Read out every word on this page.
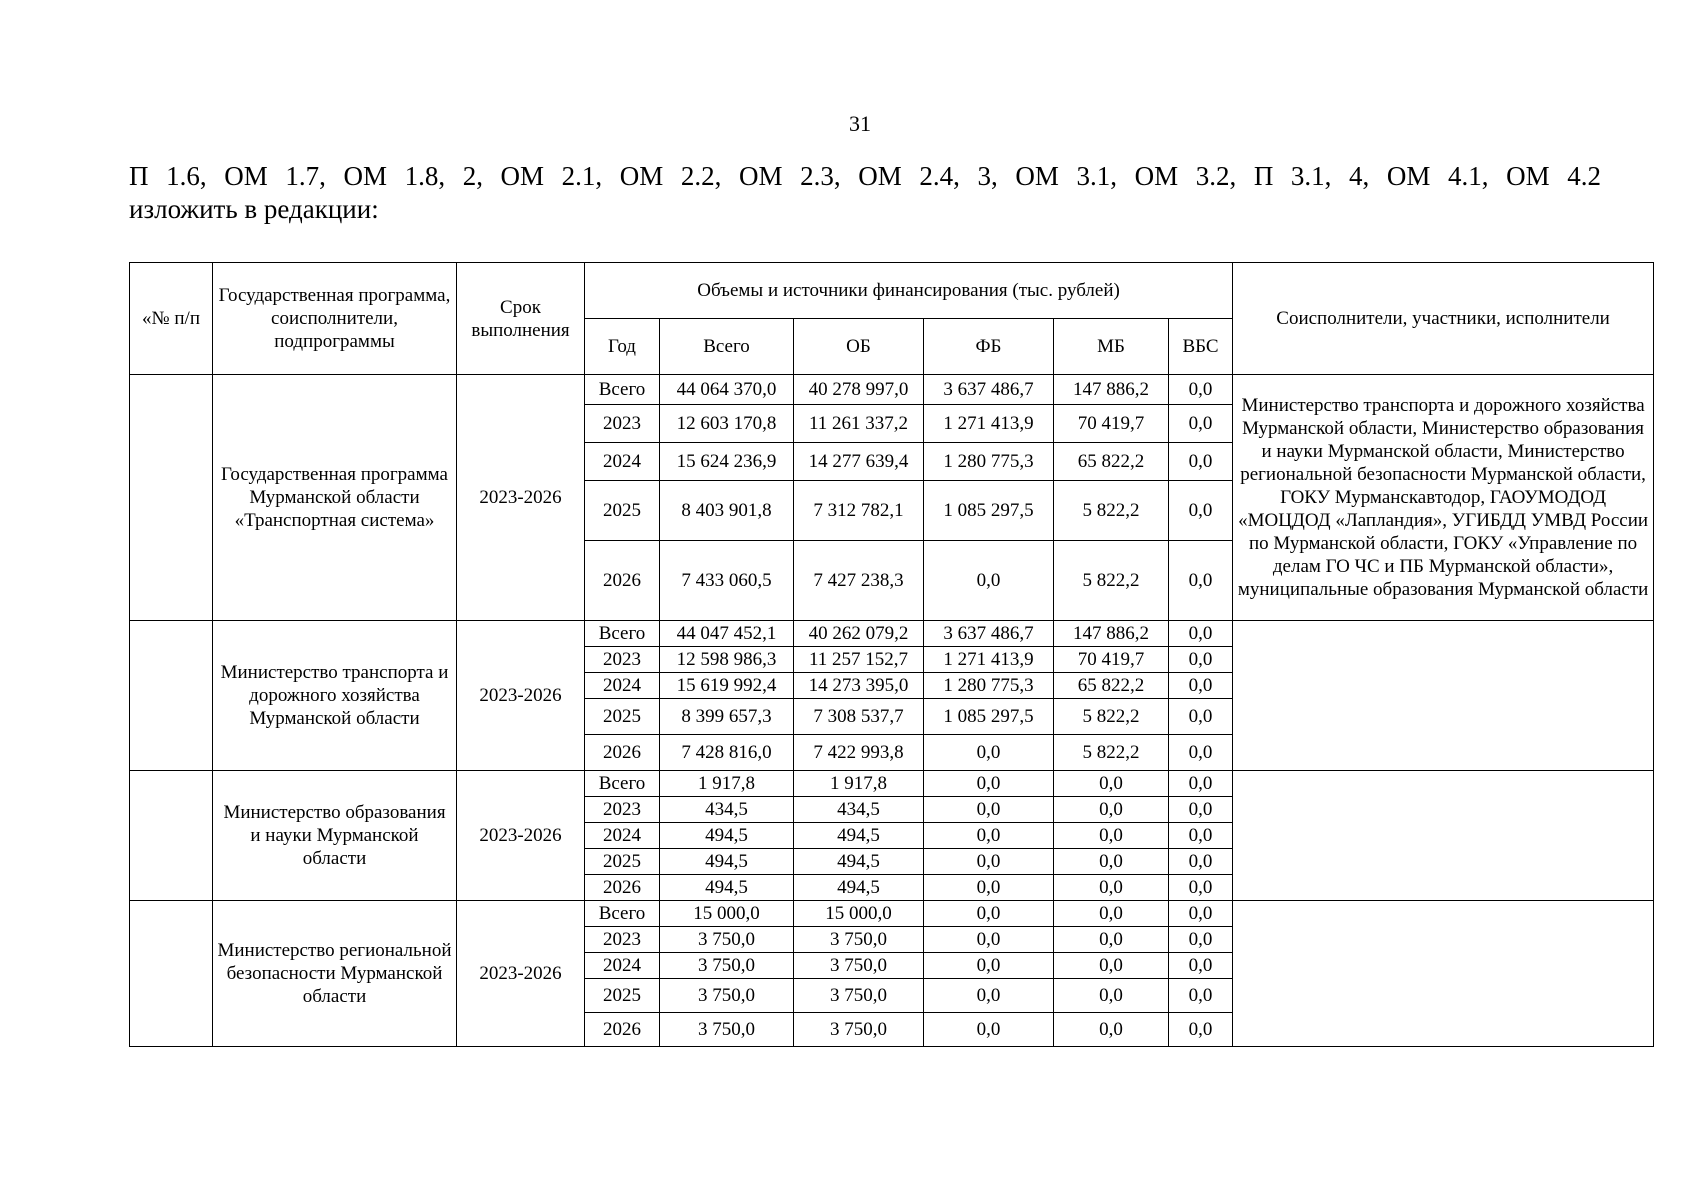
31
П 1.6, ОМ 1.7, ОМ 1.8, 2, ОМ 2.1, ОМ 2.2, ОМ 2.3, ОМ 2.4, 3, ОМ 3.1, ОМ 3.2, П 3.1, 4, ОМ 4.1, ОМ 4.2
изложить в редакции:
«№ п/п	Государственная программа, соисполнители, подпрограммы	Срок выполнения	Объемы и источники финансирования (тыс. рублей)						Соисполнители, участники, исполнители
			Год	Всего	ОБ	ФБ	МБ	ВБС	
	Государственная программа Мурманской области «Транспортная система»	2023-2026	Всего	44 064 370,0	40 278 997,0	3 637 486,7	147 886,2	0,0	Министерство транспорта и дорожного хозяйства Мурманской области, Министерство образования и науки Мурманской области, Министерство региональной безопасности Мурманской области, ГОКУ Мурманскавтодор, ГАОУМОДОД «МОЦДОД «Лапландия», УГИБДД УМВД России по Мурманской области, ГОКУ «Управление по делам ГО ЧС и ПБ Мурманской области», муниципальные образования Мурманской области
			2023	12 603 170,8	11 261 337,2	1 271 413,9	70 419,7	0,0	
			2024	15 624 236,9	14 277 639,4	1 280 775,3	65 822,2	0,0	
			2025	8 403 901,8	7 312 782,1	1 085 297,5	5 822,2	0,0	
			2026	7 433 060,5	7 427 238,3	0,0	5 822,2	0,0	
	Министерство транспорта и дорожного хозяйства Мурманской области	2023-2026	Всего	44 047 452,1	40 262 079,2	3 637 486,7	147 886,2	0,0	
			2023	12 598 986,3	11 257 152,7	1 271 413,9	70 419,7	0,0	
			2024	15 619 992,4	14 273 395,0	1 280 775,3	65 822,2	0,0	
			2025	8 399 657,3	7 308 537,7	1 085 297,5	5 822,2	0,0	
			2026	7 428 816,0	7 422 993,8	0,0	5 822,2	0,0	
	Министерство образования и науки Мурманской области	2023-2026	Всего	1 917,8	1 917,8	0,0	0,0	0,0	
			2023	434,5	434,5	0,0	0,0	0,0	
			2024	494,5	494,5	0,0	0,0	0,0	
			2025	494,5	494,5	0,0	0,0	0,0	
			2026	494,5	494,5	0,0	0,0	0,0	
	Министерство региональной безопасности Мурманской области	2023-2026	Всего	15 000,0	15 000,0	0,0	0,0	0,0	
			2023	3 750,0	3 750,0	0,0	0,0	0,0	
			2024	3 750,0	3 750,0	0,0	0,0	0,0	
			2025	3 750,0	3 750,0	0,0	0,0	0,0	
			2026	3 750,0	3 750,0	0,0	0,0	0,0	
